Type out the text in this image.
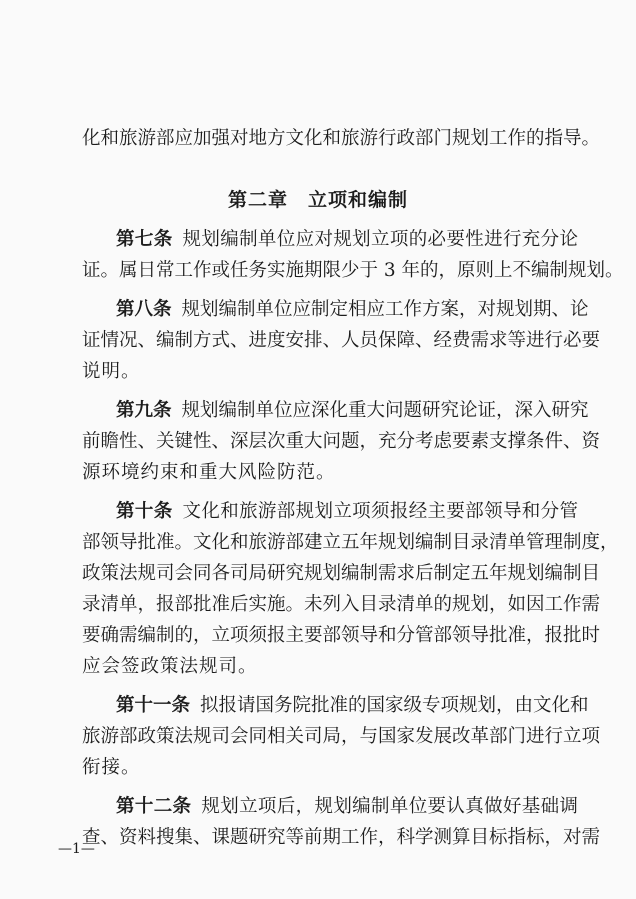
化和旅游部应加强对地方文化和旅游行政部门规划工作的指导。
第二章　立项和编制
第七条 规划编制单位应对规划立项的必要性进行充分论
证。属日常工作或任务实施期限少于 3 年的，原则上不编制规划。
第八条 规划编制单位应制定相应工作方案，对规划期、论
证情况、编制方式、进度安排、人员保障、经费需求等进行必要
说明。
第九条 规划编制单位应深化重大问题研究论证，深入研究
前瞻性、关键性、深层次重大问题，充分考虑要素支撑条件、资
源环境约束和重大风险防范。
第十条 文化和旅游部规划立项须报经主要部领导和分管
部领导批准。文化和旅游部建立五年规划编制目录清单管理制度，
政策法规司会同各司局研究规划编制需求后制定五年规划编制目
录清单，报部批准后实施。未列入目录清单的规划，如因工作需
要确需编制的，立项须报主要部领导和分管部领导批准，报批时
应会签政策法规司。
第十一条 拟报请国务院批准的国家级专项规划，由文化和
旅游部政策法规司会同相关司局，与国家发展改革部门进行立项
衔接。
第十二条 规划立项后，规划编制单位要认真做好基础调
查、资料搜集、课题研究等前期工作，科学测算目标指标，对需
—1—
